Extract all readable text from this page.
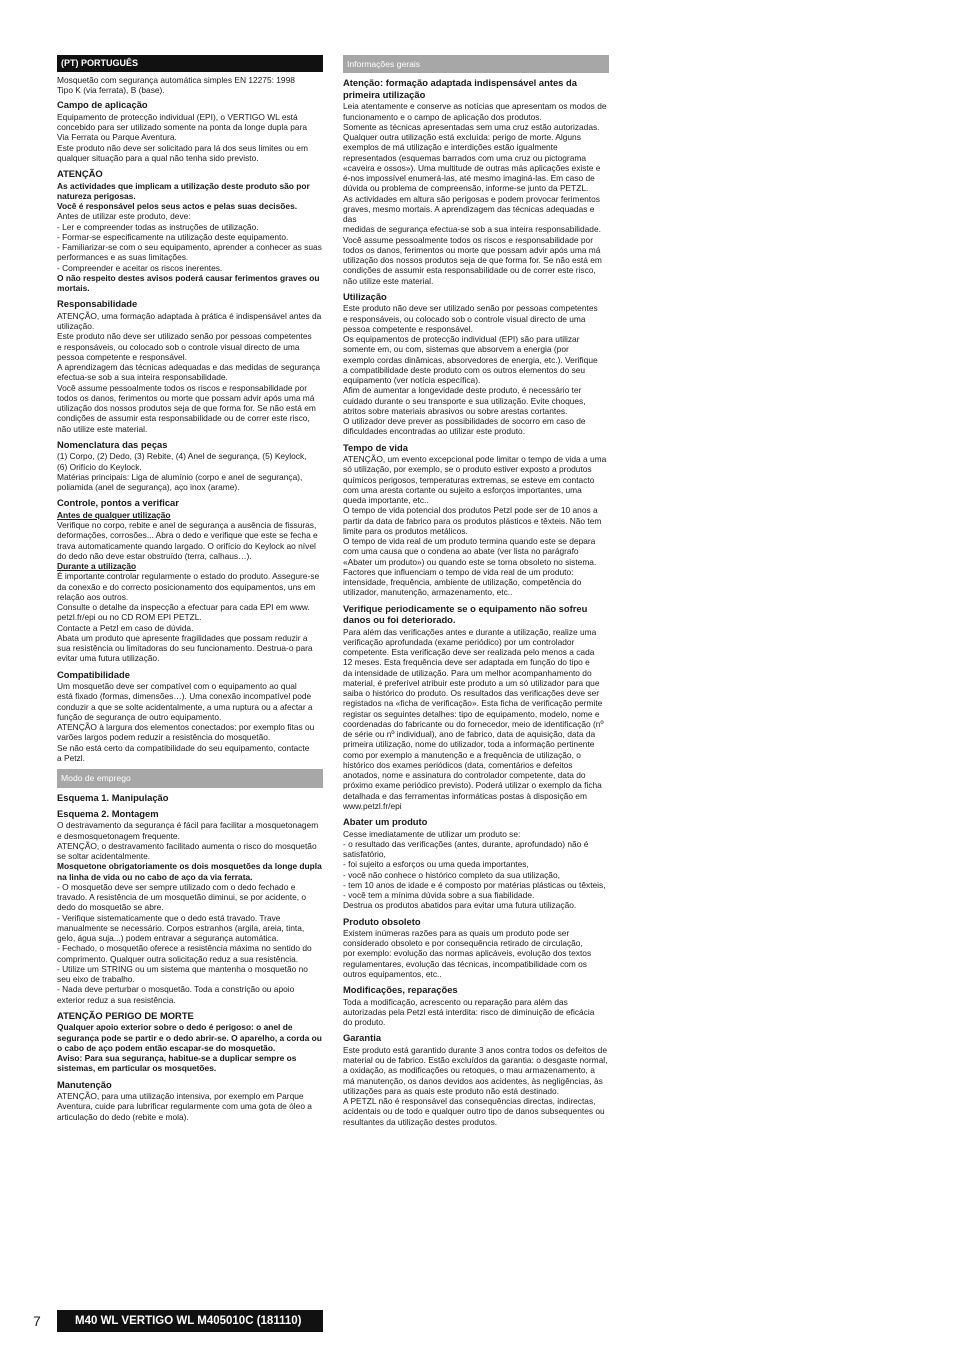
(PT) PORTUGUÊS

Mosquetão com segurança automática simples EN 12275: 1998
Tipo K (via ferrata), B (base).

Campo de aplicação

Equipamento de protecção individual (EPI), o VERTIGO WL está
concebido para ser utilizado somente na ponta da longe dupla para
Via Ferrata ou Parque Aventura.
Este produto não deve ser solicitado para lá dos seus limites ou em
qualquer situação para a qual não tenha sido previsto.

ATENÇÃO

As actividades que implicam a utilização deste produto são por
natureza perigosas.
Você é responsável pelos seus actos e pelas suas decisões.

Antes de utilizar este produto, deve:
- Ler e compreender todas as instruções de utilização.
- Formar-se especificamente na utilização deste equipamento.
- Familiarizar-se com o seu equipamento, aprender a conhecer as suas
performances e as suas limitações.
- Compreender e aceitar os riscos inerentes.

O não respeito destes avisos poderá causar ferimentos graves ou
mortais.

Responsabilidade

ATENÇÃO, uma formação adaptada à prática é indispensável antes da
utilização.
Este produto não deve ser utilizado senão por pessoas competentes
e responsáveis, ou colocado sob o controle visual directo de uma
pessoa competente e responsável.
A aprendizagem das técnicas adequadas e das medidas de segurança
efectua-se sob a sua inteira responsabilidade.
Você assume pessoalmente todos os riscos e responsabilidade por
todos os danos, ferimentos ou morte que possam advir após uma má
utilização dos nossos produtos seja de que forma for. Se não está em
condições de assumir esta responsabilidade ou de correr este risco,
não utilize este material.

Nomenclatura das peças

(1) Corpo, (2) Dedo, (3) Rebite, (4) Anel de segurança, (5) Keylock,
(6) Orifício do Keylock.
Matérias principais: Liga de alumínio (corpo e anel de segurança),
poliamida (anel de segurança), aço inox (arame).

Controle, pontos a verificar

Antes de qualquer utilização

Verifique no corpo, rebite e anel de segurança a ausência de fissuras,
deformações, corrosões... Abra o dedo e verifique que este se fecha e
trava automaticamente quando largado. O orifício do Keylock ao nível
do dedo não deve estar obstruído (terra, calhaus…).

Durante a utilização

É importante controlar regularmente o estado do produto. Assegure-se
da conexão e do correcto posicionamento dos equipamentos, uns em
relação aos outros.
Consulte o detalhe da inspecção a efectuar para cada EPI em www.
petzl.fr/epi ou no CD ROM EPI PETZL.
Contacte a Petzl em caso de dúvida.
Abata um produto que apresente fragilidades que possam reduzir a
sua resistência ou limitadoras do seu funcionamento. Destrua-o para
evitar uma futura utilização.

Compatibilidade

Um mosquetão deve ser compatível com o equipamento ao qual
está fixado (formas, dimensões…). Uma conexão incompatível pode
conduzir a que se solte acidentalmente, a uma ruptura ou a afectar a
função de segurança de outro equipamento.
ATENÇÃO à largura dos elementos conectados: por exemplo fitas ou
varões largos podem reduzir a resistência do mosquetão.
Se não está certo da compatibilidade do seu equipamento, contacte
a Petzl.

Modo de emprego
Esquema 1. Manipulação
Esquema 2. Montagem

O destravamento da segurança é fácil para facilitar a mosquetonagem
e desmosquetonagem frequente.
ATENÇÃO, o destravamento facilitado aumenta o risco do mosquetão
se soltar acidentalmente.

Mosquetone obrigatoriamente os dois mosquetões da longe dupla
na linha de vida ou no cabo de aço da via ferrata.

- O mosquetão deve ser sempre utilizado com o dedo fechado e
travado. A resistência de um mosquetão diminui, se por acidente, o
dedo do mosquetão se abre.
- Verifique sistematicamente que o dedo está travado. Trave
manualmente se necessário. Corpos estranhos (argila, areia, tinta,
gelo, água suja...) podem entravar a segurança automática.
- Fechado, o mosquetão oferece a resistência máxima no sentido do
comprimento. Qualquer outra solicitação reduz a sua resistência.
- Utilize um STRING ou um sistema que mantenha o mosquetão no
seu eixo de trabalho.
- Nada deve perturbar o mosquetão. Toda a constrição ou apoio
exterior reduz a sua resistência.

ATENÇÃO PERIGO DE MORTE

Qualquer apoio exterior sobre o dedo é perigoso: o anel de
segurança pode se partir e o dedo abrir-se. O aparelho, a corda ou
o cabo de aço podem então escapar-se do mosquetão.
Aviso: Para sua segurança, habitue-se a duplicar sempre os
sistemas, em particular os mosquetões.

Manutenção

ATENÇÃO, para uma utilização intensiva, por exemplo em Parque
Aventura, cuide para lubrificar regularmente com uma gota de óleo a
articulação do dedo (rebite e mola).

Informações gerais
Atenção: formação adaptada indispensável antes da
primeira utilização

Leia atentamente e conserve as notícias que apresentam os modos de
funcionamento e o campo de aplicação dos produtos.
Somente as técnicas apresentadas sem uma cruz estão autorizadas.
Qualquer outra utilização está excluída: perigo de morte. Alguns
exemplos de má utilização e interdições estão igualmente
representados (esquemas barrados com uma cruz ou pictograma
«caveira e ossos»). Uma multitude de outras más aplicações existe e
é-nos impossível enumerá-las, até mesmo imaginá-las. Em caso de
dúvida ou problema de compreensão, informe-se junto da PETZL.
As actividades em altura são perigosas e podem provocar ferimentos
graves, mesmo mortais. A aprendizagem das técnicas adequadas e das
medidas de segurança efectua-se sob a sua inteira responsabilidade.
Você assume pessoalmente todos os riscos e responsabilidade por
todos os danos, ferimentos ou morte que possam advir após uma má
utilização dos nossos produtos seja de que forma for. Se não está em
condições de assumir esta responsabilidade ou de correr este risco,
não utilize este material.

Utilização

Este produto não deve ser utilizado senão por pessoas competentes
e responsáveis, ou colocado sob o controle visual directo de uma
pessoa competente e responsável.
Os equipamentos de protecção individual (EPI) são para utilizar
somente em, ou com, sistemas que absorvem a energia (por
exemplo cordas dinâmicas, absorvedores de energia, etc.). Verifique
a compatibilidade deste produto com os outros elementos do seu
equipamento (ver notícia específica).
Afim de aumentar a longevidade deste produto, é necessário ter
cuidado durante o seu transporte e sua utilização. Evite choques,
atritos sobre materiais abrasivos ou sobre arestas cortantes.
O utilizador deve prever as possibilidades de socorro em caso de
dificuldades encontradas ao utilizar este produto.

Tempo de vida

ATENÇÃO, um evento excepcional pode limitar o tempo de vida a uma
só utilização, por exemplo, se o produto estiver exposto a produtos
químicos perigosos, temperaturas extremas, se esteve em contacto
com uma aresta cortante ou sujeito a esforços importantes, uma
queda importante, etc..

O tempo de vida potencial dos produtos Petzl pode ser de 10 anos a
partir da data de fabrico para os produtos plásticos e têxteis. Não tem
limite para os produtos metálicos.

O tempo de vida real de um produto termina quando este se depara
com uma causa que o condena ao abate (ver lista no parágrafo
«Abater um produto») ou quando este se torna obsoleto no sistema.
Factores que influenciam o tempo de vida real de um produto:
intensidade, frequência, ambiente de utilização, competência do
utilizador, manutenção, armazenamento, etc..

Verifique periodicamente se o equipamento não sofreu
danos ou foi deteriorado.

Para além das verificações antes e durante a utilização, realize uma
verificação aprofundada (exame periódico) por um controlador
competente. Esta verificação deve ser realizada pelo menos a cada
12 meses. Esta frequência deve ser adaptada em função do tipo e
da intensidade de utilização. Para um melhor acompanhamento do
material, é preferível atribuir este produto a um só utilizador para que
saiba o histórico do produto. Os resultados das verificações deve ser
registados na «ficha de verificação». Esta ficha de verificação permite
registar os seguintes detalhes: tipo de equipamento, modelo, nome e
coordenadas do fabricante ou do fornecedor, meio de identificação (nº
de série ou nº individual), ano de fabrico, data de aquisição, data da
primeira utilização, nome do utilizador, toda a informação pertinente
como por exemplo a manutenção e a frequência de utilização, o
histórico dos exames periódicos (data, comentários e defeitos
anotados, nome e assinatura do controlador competente, data do
próximo exame periódico previsto). Poderá utilizar o exemplo da ficha
detalhada e das ferramentas informáticas postas à disposição em
www.petzl.fr/epi

Abater um produto

Cesse imediatamente de utilizar um produto se:
- o resultado das verificações (antes, durante, aprofundado) não é
satisfatório,
- foi sujeito a esforços ou uma queda importantes,
- você não conhece o histórico completo da sua utilização,
- tem 10 anos de idade e é composto por matérias plásticas ou têxteis,
- você tem a mínima dúvida sobre a sua fiabilidade.
Destrua os produtos abatidos para evitar uma futura utilização.

Produto obsoleto

Existem inúmeras razões para as quais um produto pode ser
considerado obsoleto e por consequência retirado de circulação,
por exemplo: evolução das normas aplicáveis, evolução dos textos
regulamentares, evolução das técnicas, incompatibilidade com os
outros equipamentos, etc..

Modificações, reparações

Toda a modificação, acrescento ou reparação para além das
autorizadas pela Petzl está interdita: risco de diminuição de eficácia
do produto.

Garantia

Este produto está garantido durante 3 anos contra todos os defeitos de
material ou de fabrico. Estão excluídos da garantia: o desgaste normal,
a oxidação, as modificações ou retoques, o mau armazenamento, a
má manutenção, os danos devidos aos acidentes, às negligências, às
utilizações para as quais este produto não está destinado.
A PETZL não é responsável das consequências directas, indirectas,
acidentais ou de todo e qualquer outro tipo de danos subsequentes ou
resultantes da utilização destes produtos.

7	M40 WL VERTIGO WL M405010C (181110)
